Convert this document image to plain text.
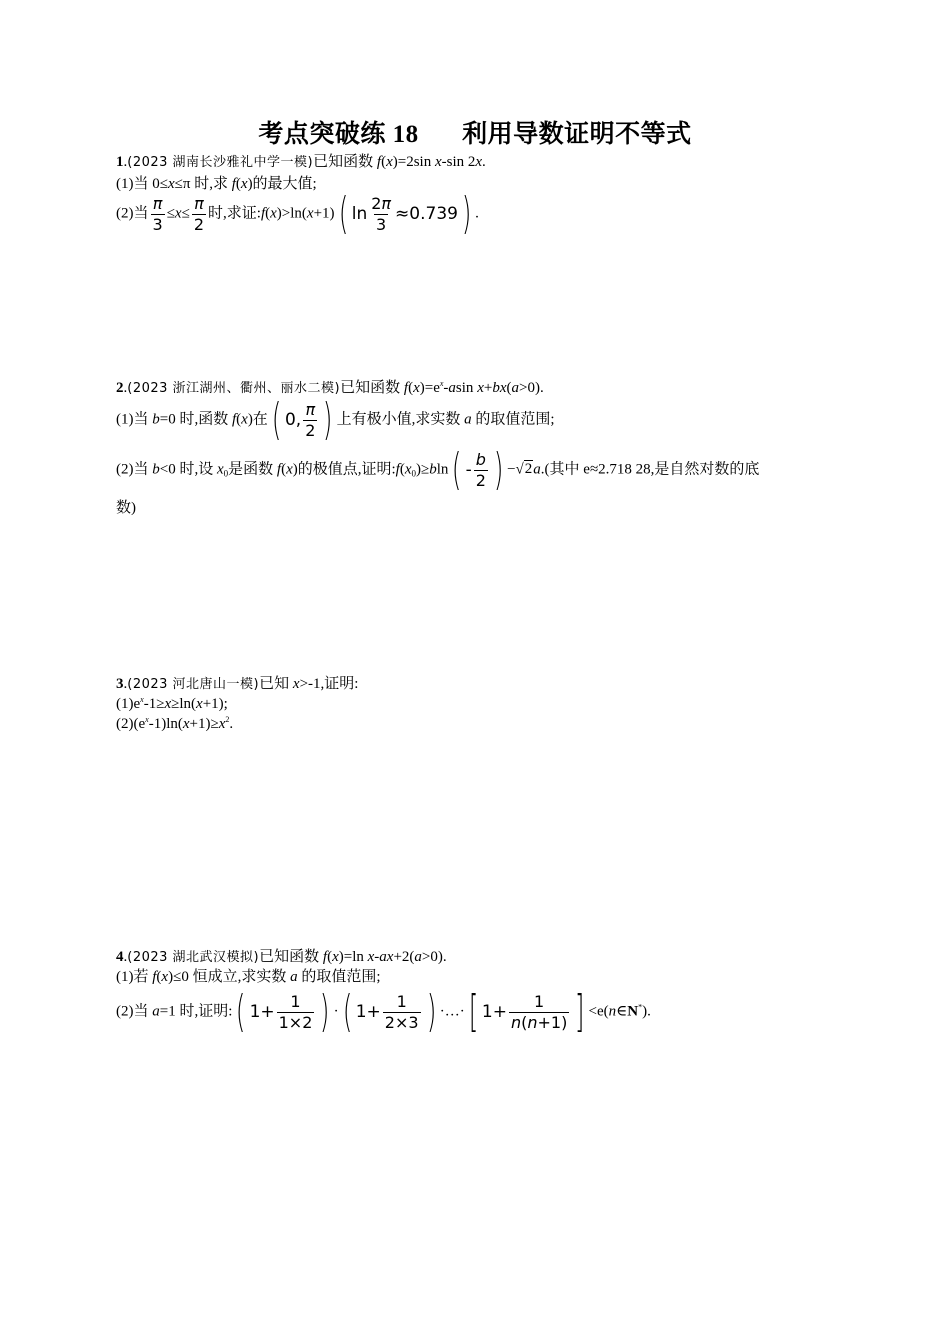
考点突破练 18 利用导数证明不等式
1.(2023 湖南长沙雅礼中学一模)已知函数 f(x)=2sin x-sin 2x.
(1)当 0≤x≤π 时,求 f(x)的最大值;
(2)当 $\frac{\pi}{3} \le x\le \frac{\pi}{2}$ 时,求证:f(x)>ln(x+1)( $\ln \frac{2\pi}{3} \approx 0.739$) .
2.(2023 浙江湖州、衢州、丽水二模)已知函数 $f(x)=e^x$-asin x+bx(a>0).
(1)当 b=0 时,函数 f(x)在( 0, $\frac{\pi}{2}$ ) 上有极小值,求实数 a 的取值范围;
(2)当 b<0 时,设 $x_0$是函数 f(x)的极值点,证明$:f(x_0)\ge bln( - \frac{b}{2}$ ) −√2a.(其中 e≈2.718 28,是自然对数的底
数)
3.(2023 河北唐山一模)已知 x>-1,证明:
$(1)e^x-1\ge x\ge\ln(x+1)$;
$(2)(e^x-1)\ln(x+1)\ge x^2$.
4.(2023 湖北武汉模拟)已知函数 f(x)=ln x-ax+2(a>0).
(1)若 f(x)≤0 恒成立,求实数 a 的取值范围;
(2)当 a=1 时,证明:( $1+ \frac{1}{1\times 2}$ ) ·( $1+ \frac{1}{2\times 3}$ ) ·…·[ $1+ \frac{1}{n(n+1)}$ ] <e(n∈N*).
